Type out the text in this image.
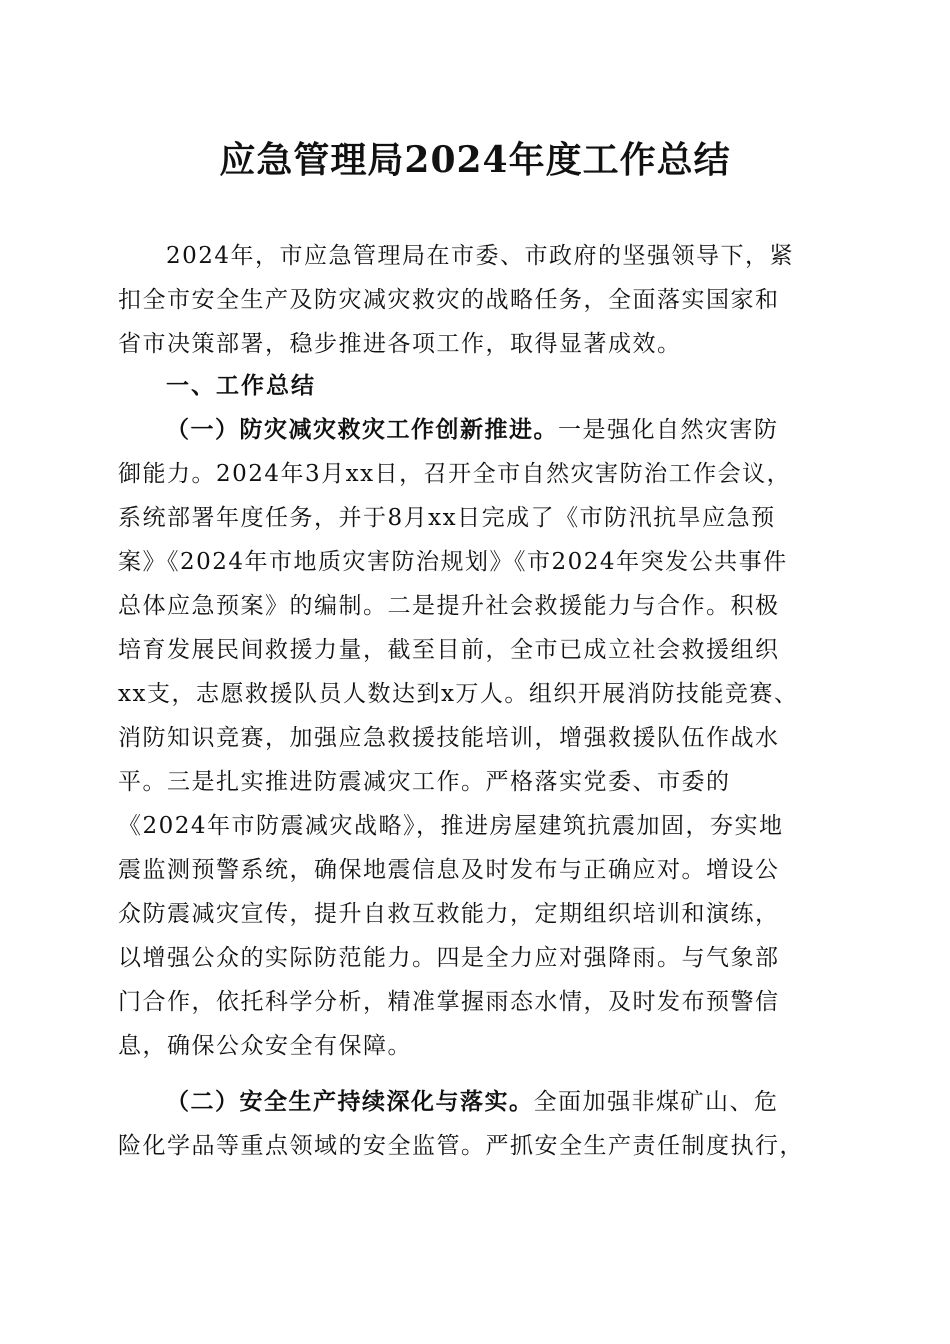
应急管理局2024年度工作总结
2024年，市应急管理局在市委、市政府的坚强领导下，紧
扣全市安全生产及防灾减灾救灾的战略任务，全面落实国家和
省市决策部署，稳步推进各项工作，取得显著成效。
一、工作总结
（一）防灾减灾救灾工作创新推进。一是强化自然灾害防
御能力。2024年3月xx日，召开全市自然灾害防治工作会议，
系统部署年度任务，并于8月xx日完成了《市防汛抗旱应急预
案》《2024年市地质灾害防治规划》《市2024年突发公共事件
总体应急预案》的编制。二是提升社会救援能力与合作。积极
培育发展民间救援力量，截至目前，全市已成立社会救援组织
xx支，志愿救援队员人数达到x万人。组织开展消防技能竞赛、
消防知识竞赛，加强应急救援技能培训，增强救援队伍作战水
平。三是扎实推进防震减灾工作。严格落实党委、市委的
《2024年市防震减灾战略》，推进房屋建筑抗震加固，夯实地
震监测预警系统，确保地震信息及时发布与正确应对。增设公
众防震减灾宣传，提升自救互救能力，定期组织培训和演练，
以增强公众的实际防范能力。四是全力应对强降雨。与气象部
门合作，依托科学分析，精准掌握雨态水情，及时发布预警信
息，确保公众安全有保障。
（二）安全生产持续深化与落实。全面加强非煤矿山、危
险化学品等重点领域的安全监管。严抓安全生产责任制度执行，
